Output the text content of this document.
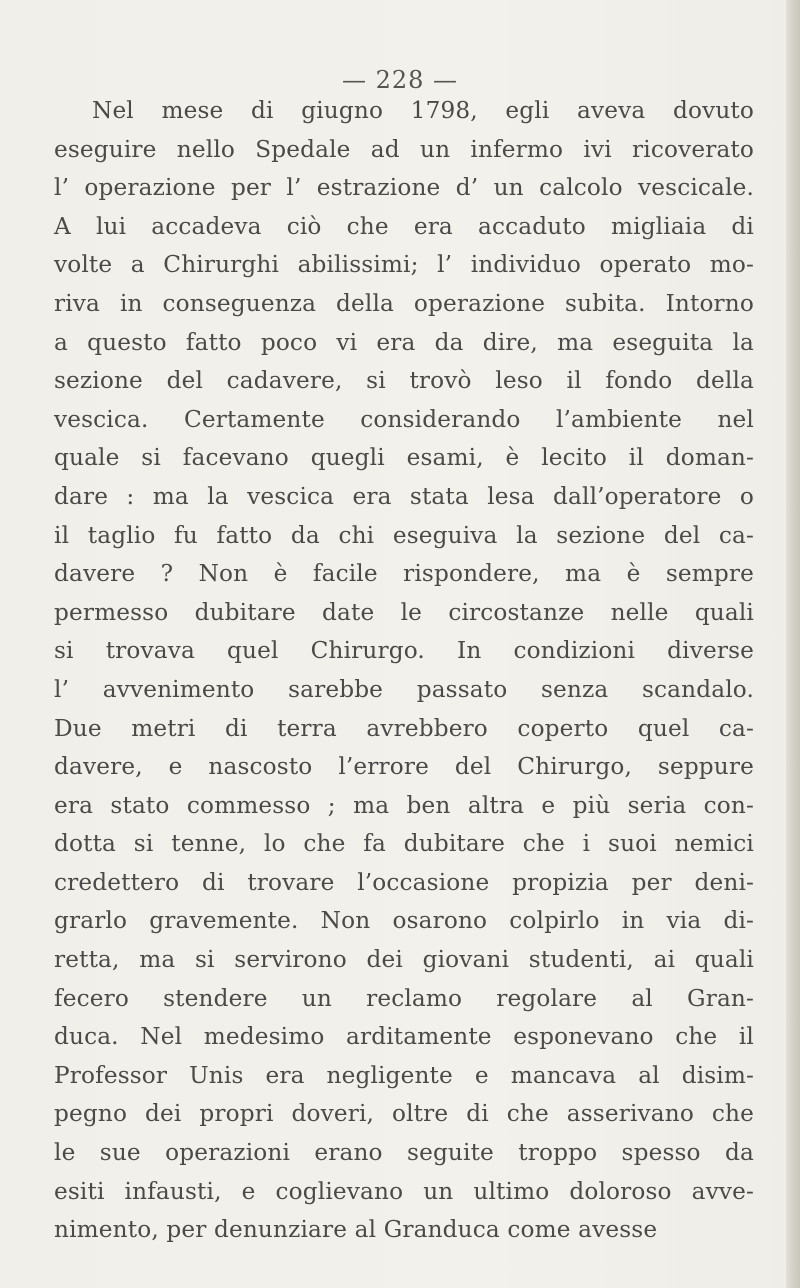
— 228 —
Nel mese di giugno 1798, egli aveva dovuto
eseguire nello Spedale ad un infermo ivi ricoverato
l’ operazione per l’ estrazione d’ un calcolo vescicale.
A lui accadeva ciò che era accaduto migliaia di
volte a Chirurghi abilissimi; l’ individuo operato mo-
riva in conseguenza della operazione subita. Intorno
a questo fatto poco vi era da dire, ma eseguita la
sezione del cadavere, si trovò leso il fondo della
vescica. Certamente considerando l’ambiente nel
quale si facevano quegli esami, è lecito il doman-
dare : ma la vescica era stata lesa dall’operatore o
il taglio fu fatto da chi eseguiva la sezione del ca-
davere ? Non è facile rispondere, ma è sempre
permesso dubitare date le circostanze nelle quali
si trovava quel Chirurgo. In condizioni diverse
l’ avvenimento sarebbe passato senza scandalo.
Due metri di terra avrebbero coperto quel ca-
davere, e nascosto l’errore del Chirurgo, seppure
era stato commesso ; ma ben altra e più seria con-
dotta si tenne, lo che fa dubitare che i suoi nemici
credettero di trovare l’occasione propizia per deni-
grarlo gravemente. Non osarono colpirlo in via di-
retta, ma si servirono dei giovani studenti, ai quali
fecero stendere un reclamo regolare al Gran-
duca. Nel medesimo arditamente esponevano che il
Professor Unis era negligente e mancava al disim-
pegno dei propri doveri, oltre di che asserivano che
le sue operazioni erano seguite troppo spesso da
esiti infausti, e coglievano un ultimo doloroso avve-
nimento, per denunziare al Granduca come avesse
